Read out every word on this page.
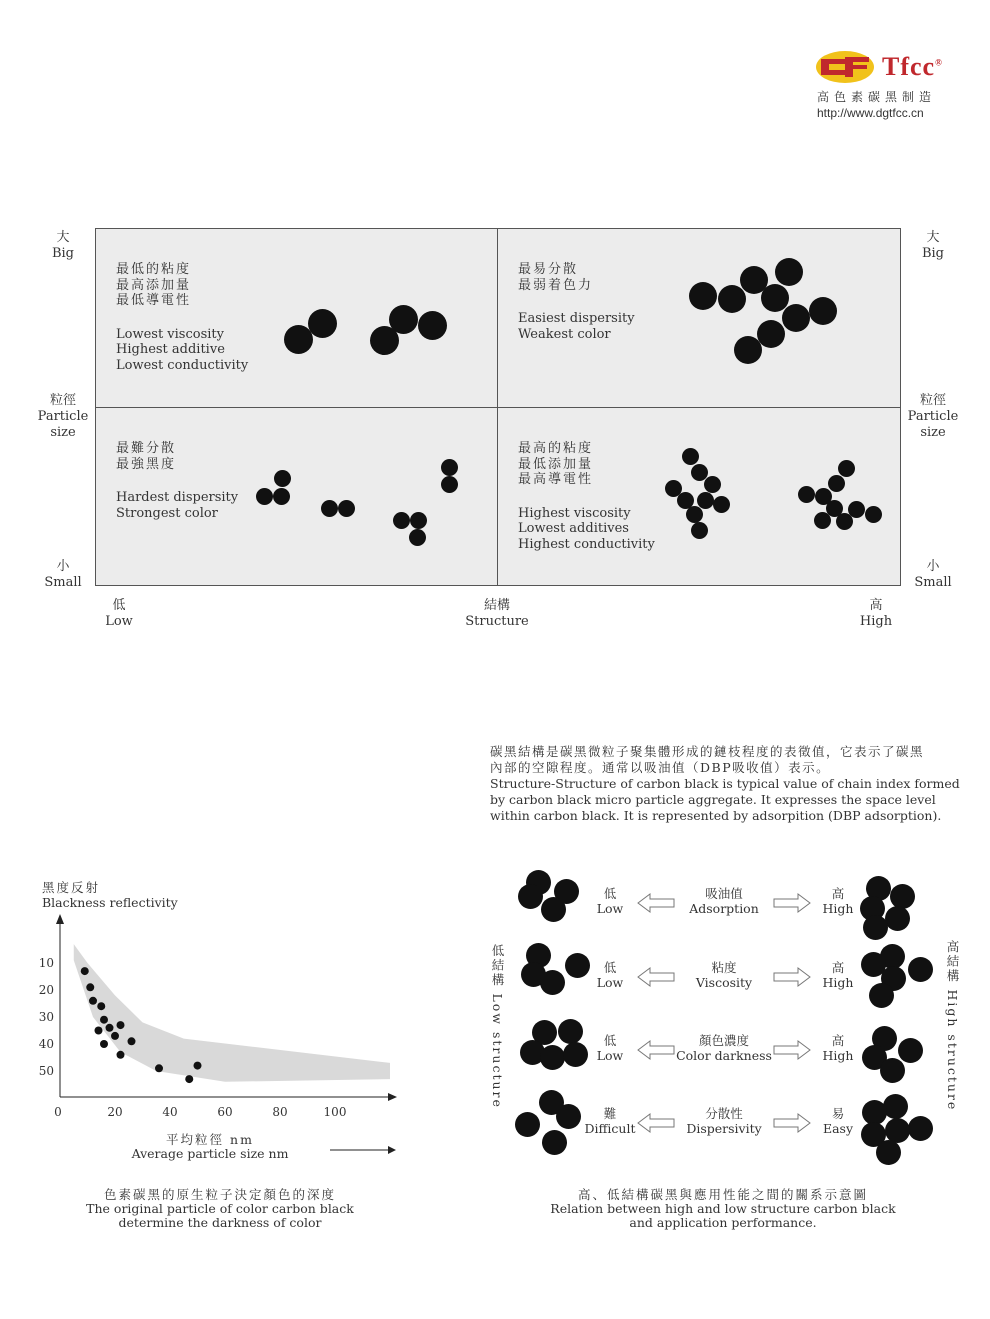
Tfcc®
高色素碳黑制造
http://www.dgtfcc.cn
大
Big
粒徑
Particle
size
小
Small
大
Big
粒徑
Particle
size
小
Small
低
Low
結構
Structure
高
High
最低的粘度
最高添加量
最低導電性
Lowest viscosity
Highest additive
Lowest conductivity
最易分散
最弱着色力
Easiest dispersity
Weakest color
最難分散
最強黑度
Hardest dispersity
Strongest color
最高的粘度
最低添加量
最高導電性
Highest viscosity
Lowest additives
Highest conductivity
碳黑結構是碳黑微粒子聚集體形成的鏈枝程度的表徵值，它表示了碳黑
內部的空隙程度。通常以吸油值（DBP吸收值）表示。
Structure-Structure of carbon black is typical value of chain index formed
by carbon black micro particle aggregate. It expresses the space level
within carbon black. It is represented by adsorpition (DBP adsorption).
黑度反射
Blackness reflectivity
10
20
30
40
50
0	20	40	60	80	100
平均粒徑 nm
Average particle size nm
色素碳黑的原生粒子決定顏色的深度
The original particle of color carbon black
determine the darkness of color
低結構 Low structure
高結構 High structure
低
Low
吸油值
Adsorption
高
High
低
Low
粘度
Viscosity
高
High
低
Low
顏色濃度
Color darkness
高
High
難
Difficult
分散性
Dispersivity
易
Easy
高、低結構碳黑與應用性能之間的關系示意圖
Relation between high and low structure carbon black
and application performance.
